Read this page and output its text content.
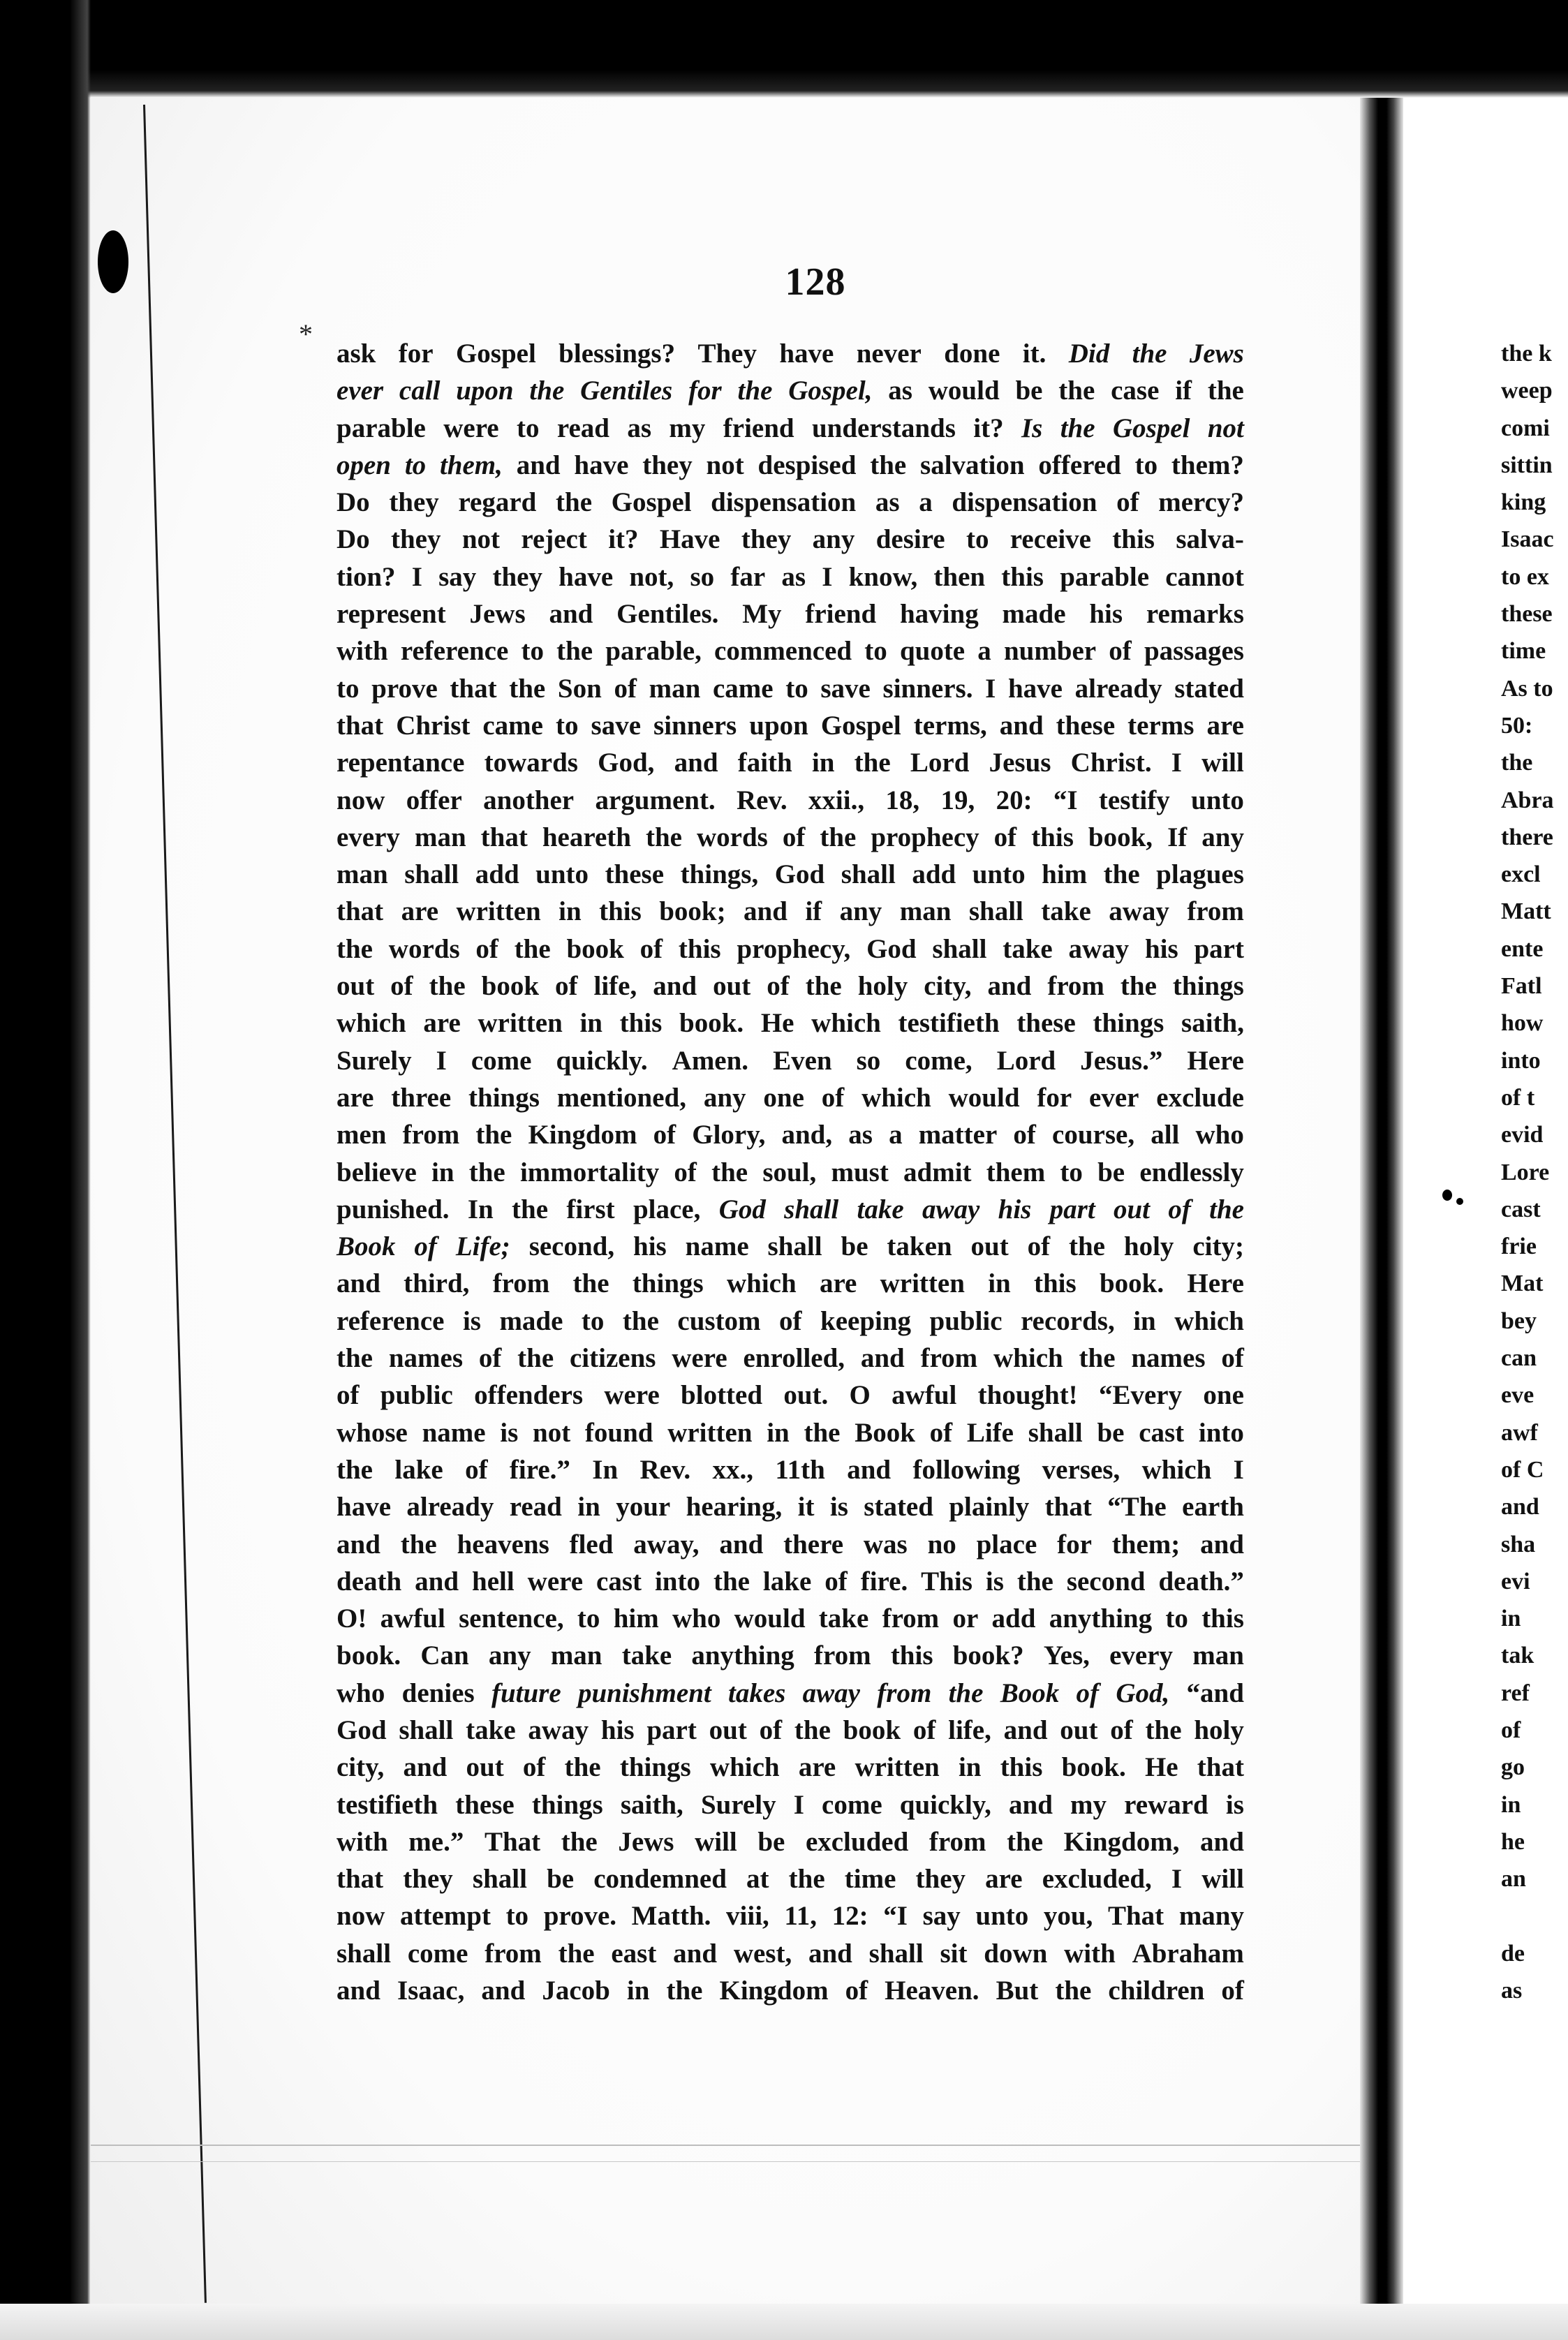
128
*
ask for Gospel blessings? They have never done it. Did the Jews
ever call upon the Gentiles for the Gospel, as would be the case if the
parable were to read as my friend understands it? Is the Gospel not
open to them, and have they not despised the salvation offered to them?
Do they regard the Gospel dispensation as a dispensation of mercy?
Do they not reject it? Have they any desire to receive this salva-
tion? I say they have not, so far as I know, then this parable cannot
represent Jews and Gentiles. My friend having made his remarks
with reference to the parable, commenced to quote a number of passages
to prove that the Son of man came to save sinners. I have already stated
that Christ came to save sinners upon Gospel terms, and these terms are
repentance towards God, and faith in the Lord Jesus Christ. I will
now offer another argument. Rev. xxii., 18, 19, 20: “I testify unto
every man that heareth the words of the prophecy of this book, If any
man shall add unto these things, God shall add unto him the plagues
that are written in this book; and if any man shall take away from
the words of the book of this prophecy, God shall take away his part
out of the book of life, and out of the holy city, and from the things
which are written in this book. He which testifieth these things saith,
Surely I come quickly. Amen. Even so come, Lord Jesus.” Here
are three things mentioned, any one of which would for ever exclude
men from the Kingdom of Glory, and, as a matter of course, all who
believe in the immortality of the soul, must admit them to be endlessly
punished. In the first place, God shall take away his part out of the
Book of Life; second, his name shall be taken out of the holy city;
and third, from the things which are written in this book. Here
reference is made to the custom of keeping public records, in which
the names of the citizens were enrolled, and from which the names of
of public offenders were blotted out. O awful thought! “Every one
whose name is not found written in the Book of Life shall be cast into
the lake of fire.” In Rev. xx., 11th and following verses, which I
have already read in your hearing, it is stated plainly that “The earth
and the heavens fled away, and there was no place for them; and
death and hell were cast into the lake of fire. This is the second death.”
O! awful sentence, to him who would take from or add anything to this
book. Can any man take anything from this book? Yes, every man
who denies future punishment takes away from the Book of God, “and
God shall take away his part out of the book of life, and out of the holy
city, and out of the things which are written in this book. He that
testifieth these things saith, Surely I come quickly, and my reward is
with me.” That the Jews will be excluded from the Kingdom, and
that they shall be condemned at the time they are excluded, I will
now attempt to prove. Matth. viii, 11, 12: “I say unto you, That many
shall come from the east and west, and shall sit down with Abraham
and Isaac, and Jacob in the Kingdom of Heaven. But the children of
the k
weep
comi
sittin
king
Isaac
to ex
these
time
As to
50:
the
Abra
there
excl
Matt
ente
Fatl
how
into
of t
evid
Lore
cast
frie
Mat
bey
can
eve
awf
of C
and
sha
evi
in
tak
ref
of
go
in
he
an
de
as
